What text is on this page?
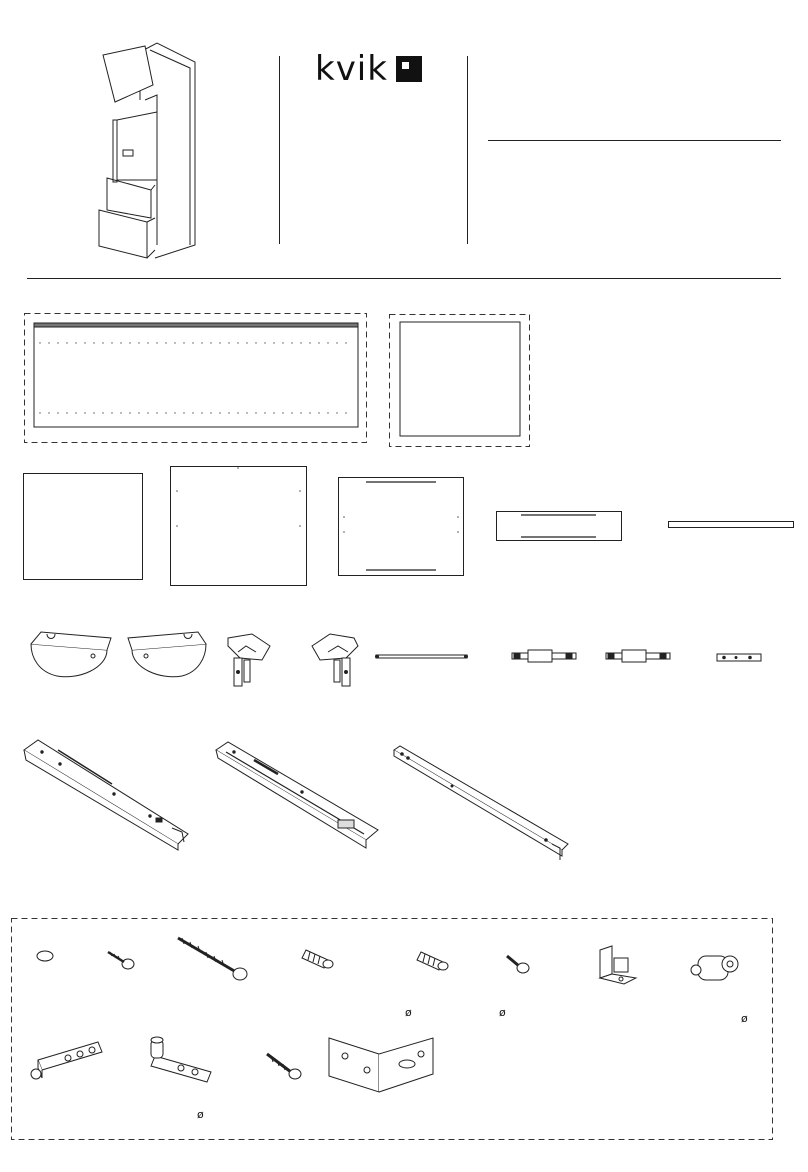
kvik
ø	ø	ø
ø
